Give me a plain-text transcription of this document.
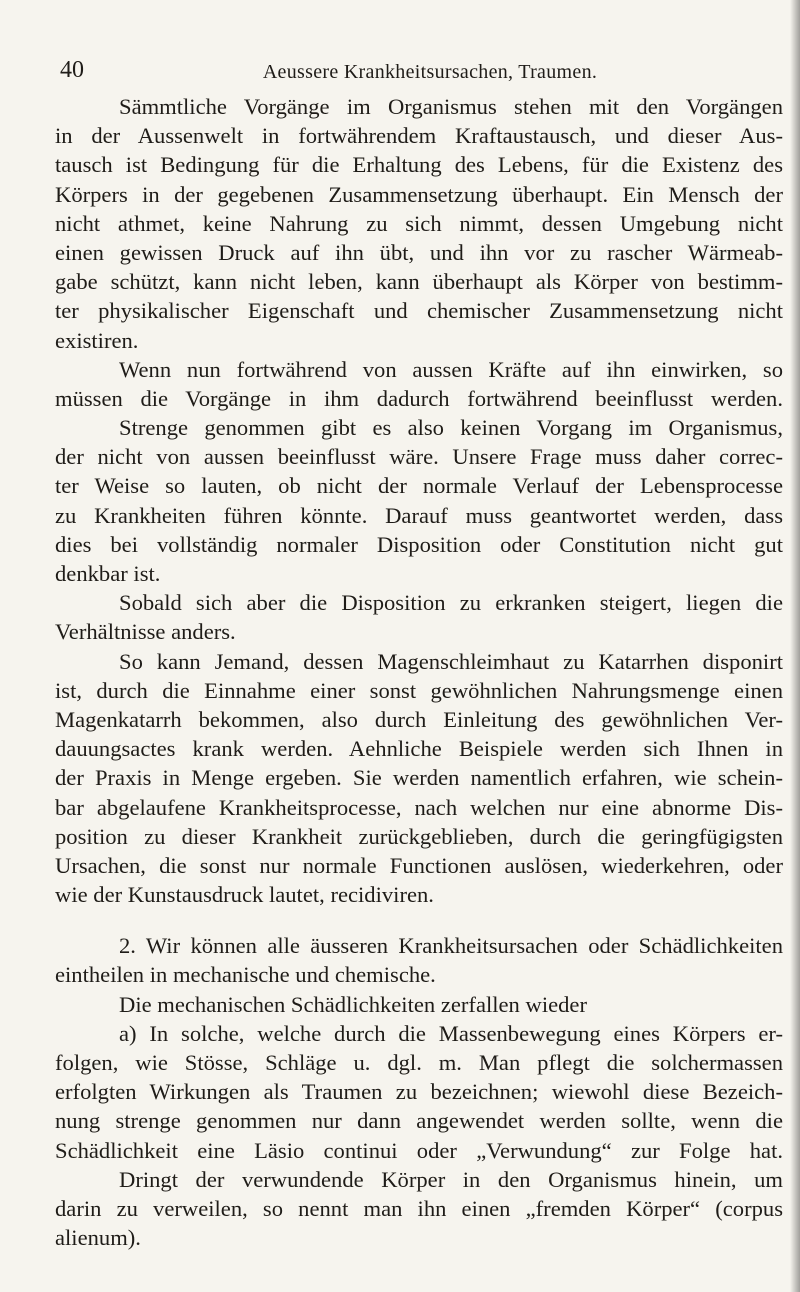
40	Aeussere Krankheitsursachen, Traumen.
Sämmtliche Vorgänge im Organismus stehen mit den Vorgängen
in der Aussenwelt in fortwährendem Kraftaustausch, und dieser Aus-
tausch ist Bedingung für die Erhaltung des Lebens, für die Existenz des
Körpers in der gegebenen Zusammensetzung überhaupt. Ein Mensch der
nicht athmet, keine Nahrung zu sich nimmt, dessen Umgebung nicht
einen gewissen Druck auf ihn übt, und ihn vor zu rascher Wärmeab-
gabe schützt, kann nicht leben, kann überhaupt als Körper von bestimm-
ter physikalischer Eigenschaft und chemischer Zusammensetzung nicht
existiren.
Wenn nun fortwährend von aussen Kräfte auf ihn einwirken, so
müssen die Vorgänge in ihm dadurch fortwährend beeinflusst werden.
Strenge genommen gibt es also keinen Vorgang im Organismus,
der nicht von aussen beeinflusst wäre. Unsere Frage muss daher correc-
ter Weise so lauten, ob nicht der normale Verlauf der Lebensprocesse
zu Krankheiten führen könnte. Darauf muss geantwortet werden, dass
dies bei vollständig normaler Disposition oder Constitution nicht gut
denkbar ist.
Sobald sich aber die Disposition zu erkranken steigert, liegen die
Verhältnisse anders.
So kann Jemand, dessen Magenschleimhaut zu Katarrhen disponirt
ist, durch die Einnahme einer sonst gewöhnlichen Nahrungsmenge einen
Magenkatarrh bekommen, also durch Einleitung des gewöhnlichen Ver-
dauungsactes krank werden. Aehnliche Beispiele werden sich Ihnen in
der Praxis in Menge ergeben. Sie werden namentlich erfahren, wie schein-
bar abgelaufene Krankheitsprocesse, nach welchen nur eine abnorme Dis-
position zu dieser Krankheit zurückgeblieben, durch die geringfügigsten
Ursachen, die sonst nur normale Functionen auslösen, wiederkehren, oder
wie der Kunstausdruck lautet, recidiviren.
2. Wir können alle äusseren Krankheitsursachen oder Schädlichkeiten
eintheilen in mechanische und chemische.
Die mechanischen Schädlichkeiten zerfallen wieder
a) In solche, welche durch die Massenbewegung eines Körpers er-
folgen, wie Stösse, Schläge u. dgl. m. Man pflegt die solchermassen
erfolgten Wirkungen als Traumen zu bezeichnen; wiewohl diese Bezeich-
nung strenge genommen nur dann angewendet werden sollte, wenn die
Schädlichkeit eine Läsio continui oder „Verwundung“ zur Folge hat.
Dringt der verwundende Körper in den Organismus hinein, um
darin zu verweilen, so nennt man ihn einen „fremden Körper“ (corpus
alienum).
